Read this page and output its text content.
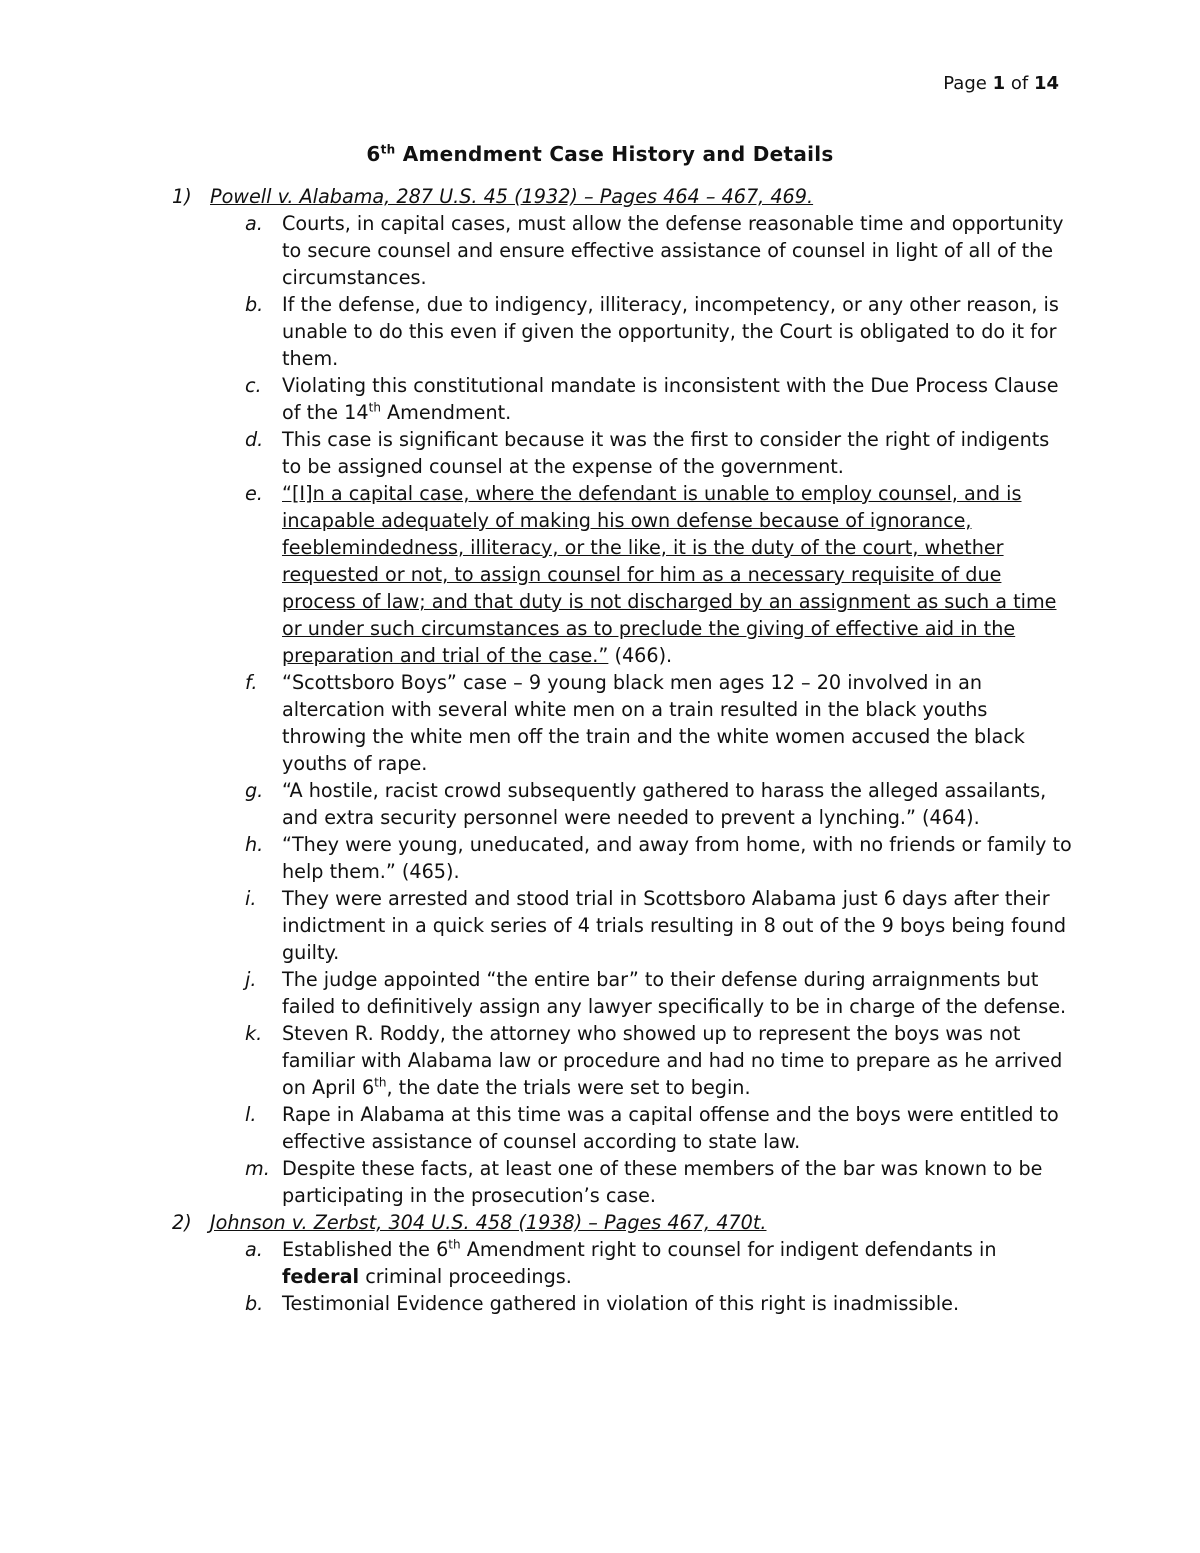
Page 1 of 14
6th Amendment Case History and Details
1) Powell v. Alabama, 287 U.S. 45 (1932) – Pages 464 – 467, 469.
a. Courts, in capital cases, must allow the defense reasonable time and opportunity to secure counsel and ensure effective assistance of counsel in light of all of the circumstances.
b. If the defense, due to indigency, illiteracy, incompetency, or any other reason, is unable to do this even if given the opportunity, the Court is obligated to do it for them.
c. Violating this constitutional mandate is inconsistent with the Due Process Clause of the 14th Amendment.
d. This case is significant because it was the first to consider the right of indigents to be assigned counsel at the expense of the government.
e. “[I]n a capital case, where the defendant is unable to employ counsel, and is incapable adequately of making his own defense because of ignorance, feeblemindedness, illiteracy, or the like, it is the duty of the court, whether requested or not, to assign counsel for him as a necessary requisite of due process of law; and that duty is not discharged by an assignment as such a time or under such circumstances as to preclude the giving of effective aid in the preparation and trial of the case.” (466).
f. “Scottsboro Boys” case – 9 young black men ages 12 – 20 involved in an altercation with several white men on a train resulted in the black youths throwing the white men off the train and the white women accused the black youths of rape.
g. “A hostile, racist crowd subsequently gathered to harass the alleged assailants, and extra security personnel were needed to prevent a lynching.” (464).
h. “They were young, uneducated, and away from home, with no friends or family to help them.” (465).
i. They were arrested and stood trial in Scottsboro Alabama just 6 days after their indictment in a quick series of 4 trials resulting in 8 out of the 9 boys being found guilty.
j. The judge appointed “the entire bar” to their defense during arraignments but failed to definitively assign any lawyer specifically to be in charge of the defense.
k. Steven R. Roddy, the attorney who showed up to represent the boys was not familiar with Alabama law or procedure and had no time to prepare as he arrived on April 6th, the date the trials were set to begin.
l. Rape in Alabama at this time was a capital offense and the boys were entitled to effective assistance of counsel according to state law.
m. Despite these facts, at least one of these members of the bar was known to be participating in the prosecution’s case.
2) Johnson v. Zerbst, 304 U.S. 458 (1938) – Pages 467, 470t.
a. Established the 6th Amendment right to counsel for indigent defendants in federal criminal proceedings.
b. Testimonial Evidence gathered in violation of this right is inadmissible.
